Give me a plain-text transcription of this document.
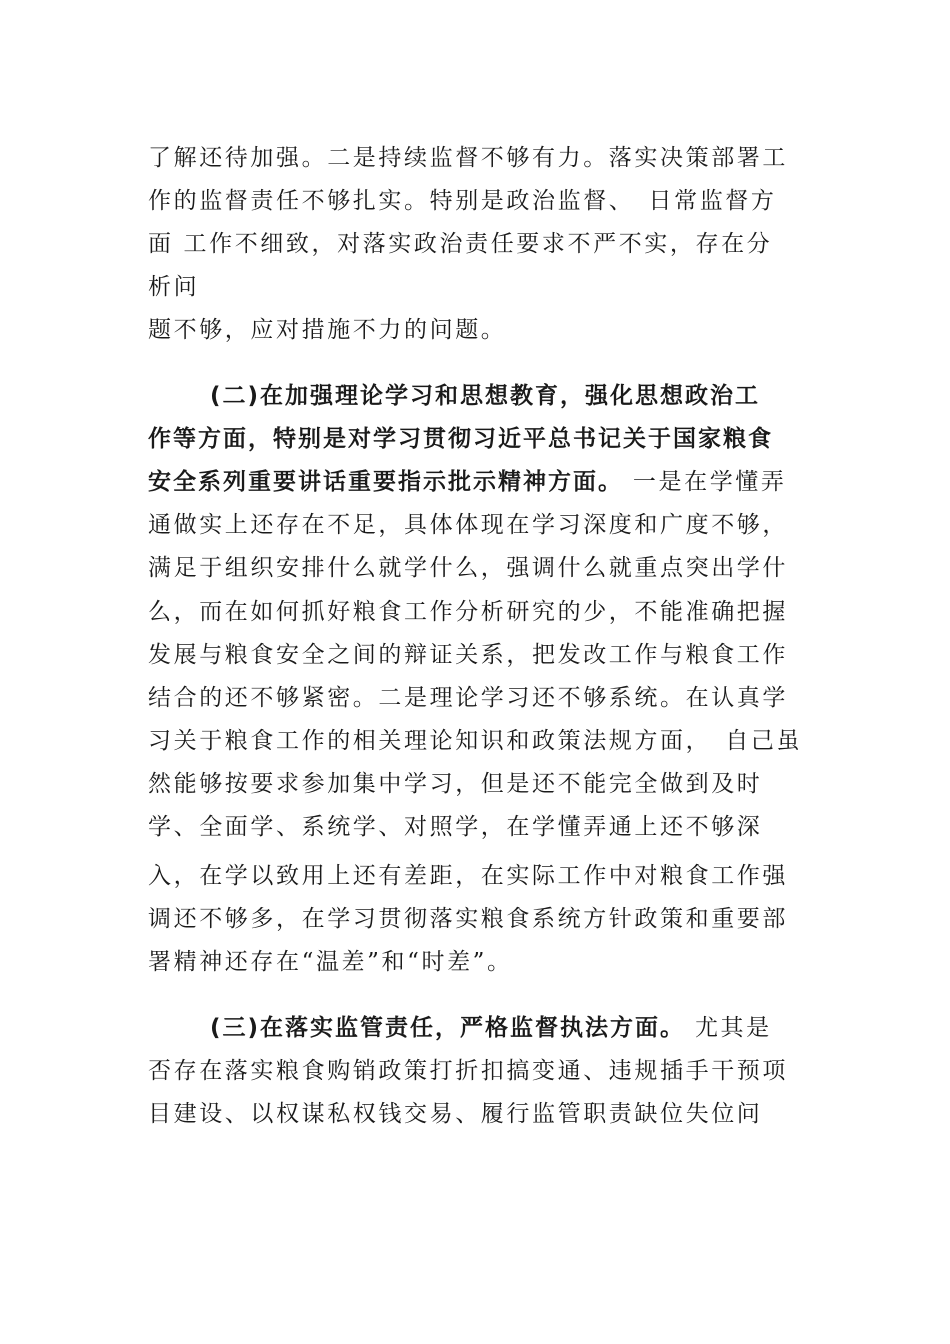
了解还待加强。二是持续监督不够有力。落实决策部署工
作的监督责任不够扎实。特别是政治监督、　日常监督方
面 工作不细致，对落实政治责任要求不严不实，存在分
析问
题不够，应对措施不力的问题。
(二)在加强理论学习和思想教育，强化思想政治工
作等方面，特别是对学习贯彻习近平总书记关于国家粮食
安全系列重要讲话重要指示批示精神方面。 一是在学懂弄
通做实上还存在不足，具体体现在学习深度和广度不够，
满足于组织安排什么就学什么，强调什么就重点突出学什
么，而在如何抓好粮食工作分析研究的少，不能准确把握
发展与粮食安全之间的辩证关系，把发改工作与粮食工作
结合的还不够紧密。二是理论学习还不够系统。在认真学
习关于粮食工作的相关理论知识和政策法规方面，　自己虽
然能够按要求参加集中学习，但是还不能完全做到及时
学、全面学、系统学、对照学，在学懂弄通上还不够深
入，在学以致用上还有差距，在实际工作中对粮食工作强
调还不够多，在学习贯彻落实粮食系统方针政策和重要部
署精神还存在“温差”和“时差”。
(三)在落实监管责任，严格监督执法方面。 尤其是
否存在落实粮食购销政策打折扣搞变通、违规插手干预项
目建设、以权谋私权钱交易、履行监管职责缺位失位问
